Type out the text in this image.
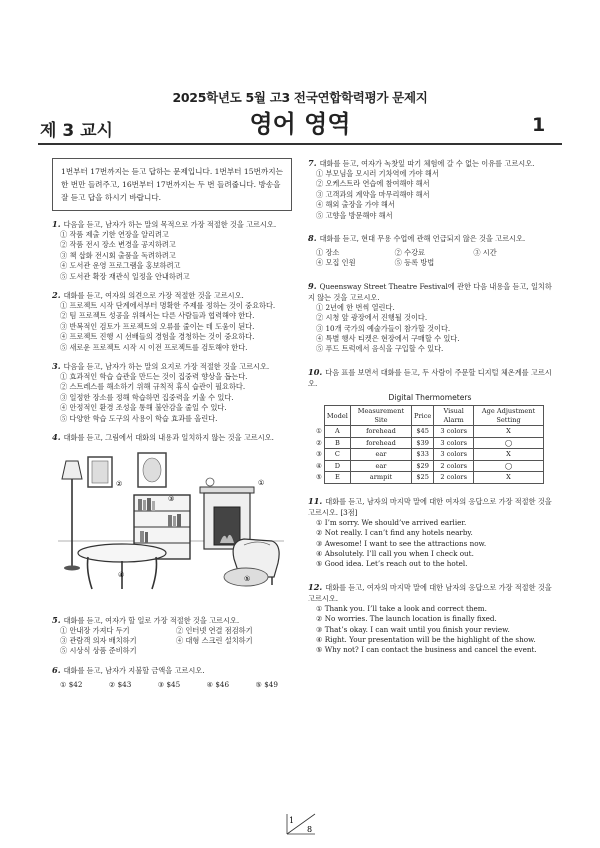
2025학년도 5월 고3 전국연합학력평가 문제지
영어 영역
제 3 교시	1
1번부터 17번까지는 듣고 답하는 문제입니다. 1번부터 15번까지는 한 번만 들려주고, 16번부터 17번까지는 두 번 들려줍니다. 방송을 잘 듣고 답을 하시기 바랍니다.
1. 다음을 듣고, 남자가 하는 말의 목적으로 가장 적절한 것을 고르시오.
① 작품 제출 기한 연장을 알리려고
② 작품 전시 장소 변경을 공지하려고
③ 책 삽화 전시회 출품을 독려하려고
④ 도서관 운영 프로그램을 홍보하려고
⑤ 도서관 확장 재관식 일정을 안내하려고
2. 대화를 듣고, 여자의 의견으로 가장 적절한 것을 고르시오.
① 프로젝트 시작 단계에서부터 명확한 주제를 정하는 것이 중요하다.
② 팀 프로젝트 성공을 위해서는 다른 사람들과 협력해야 한다.
③ 반복적인 검토가 프로젝트의 오류를 줄이는 데 도움이 된다.
④ 프로젝트 진행 시 선배들의 경험을 경청하는 것이 중요하다.
⑤ 새로운 프로젝트 시작 시 이전 프로젝트를 검토해야 한다.
3. 다음을 듣고, 남자가 하는 말의 요지로 가장 적절한 것을 고르시오.
① 효과적인 학습 습관을 만드는 것이 집중력 향상을 돕는다.
② 스트레스를 해소하기 위해 규칙적 휴식 습관이 필요하다.
③ 일정한 장소를 정해 학습하면 집중력을 키울 수 있다.
④ 안정적인 환경 조성을 통해 불안감을 줄일 수 있다.
⑤ 다양한 학습 도구의 사용이 학습 효과를 올린다.
4. 대화를 듣고, 그림에서 대화의 내용과 일치하지 않는 것을 고르시오.
②
③
①
④	⑤
5. 대화를 듣고, 여자가 할 일로 가장 적절한 것을 고르시오.
① 안내장 가져다 두기	② 인터넷 연결 점검하기
③ 관람객 의자 배치하기	④ 대형 스크린 설치하기
⑤ 시상식 상품 준비하기
6. 대화를 듣고, 남자가 지불할 금액을 고르시오.
① $42	② $43	③ $45	④ $46	⑤ $49
7. 대화를 듣고, 여자가 녹찻잎 따기 체험에 갈 수 없는 이유를 고르시오.
① 부모님을 모시러 기차역에 가야 해서
② 오케스트라 연습에 참여해야 해서
③ 고객과의 계약을 마무리해야 해서
④ 해외 출장을 가야 해서
⑤ 고향을 방문해야 해서
8. 대화를 듣고, 현대 무용 수업에 관해 언급되지 않은 것을 고르시오.
① 장소	② 수강료	③ 시간
④ 모집 인원	⑤ 등록 방법
9. Queensway Street Theatre Festival에 관한 다음 내용을 듣고, 일치하지 않는 것을 고르시오.
① 2년에 한 번씩 열린다.
② 시청 앞 광장에서 진행될 것이다.
③ 10개 국가의 예술가들이 참가할 것이다.
④ 특별 행사 티켓은 현장에서 구매할 수 있다.
⑤ 푸드 트럭에서 음식을 구입할 수 있다.
10. 다음 표를 보면서 대화를 듣고, 두 사람이 주문할 디지털 체온계를 고르시오.
Digital Thermometers
	Model	Measurement Site	Price	Visual Alarm	Age Adjustment Setting
①	A	forehead	$45	3 colors	X
②	B	forehead	$39	3 colors	◯
③	C	ear	$33	3 colors	X
④	D	ear	$29	2 colors	◯
⑤	E	armpit	$25	2 colors	X
11. 대화를 듣고, 남자의 마지막 말에 대한 여자의 응답으로 가장 적절한 것을 고르시오. [3점]
① I’m sorry. We should’ve arrived earlier.
② Not really. I can’t find any hotels nearby.
③ Awesome! I want to see the attractions now.
④ Absolutely. I’ll call you when I check out.
⑤ Good idea. Let’s reach out to the hotel.
12. 대화를 듣고, 여자의 마지막 말에 대한 남자의 응답으로 가장 적절한 것을 고르시오.
① Thank you. I’ll take a look and correct them.
② No worries. The launch location is finally fixed.
③ That’s okay. I can wait until you finish your review.
④ Right. Your presentation will be the highlight of the show.
⑤ Why not? I can contact the business and cancel the event.
1
8
